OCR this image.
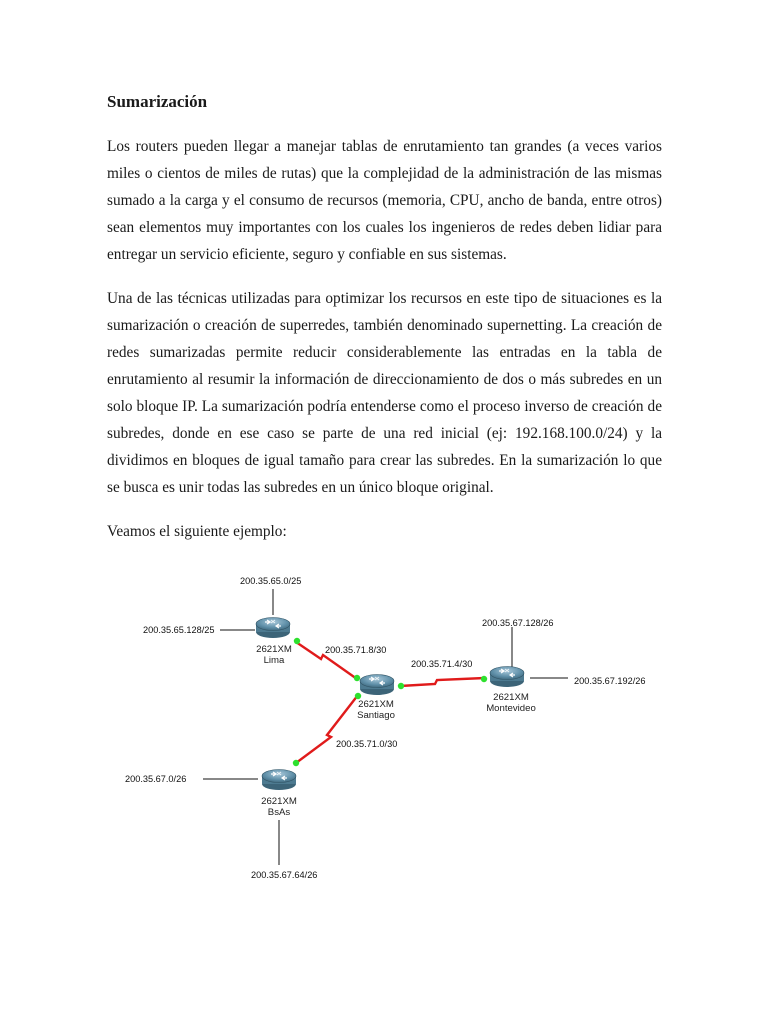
Sumarización

Los routers pueden llegar a manejar tablas de enrutamiento tan grandes (a veces varios miles o cientos de miles de rutas) que la complejidad de la administración de las mismas sumado a la carga y el consumo de recursos (memoria, CPU, ancho de banda, entre otros) sean elementos muy importantes con los cuales los ingenieros de redes deben lidiar para entregar un servicio eficiente, seguro y confiable en sus sistemas.

Una de las técnicas utilizadas para optimizar los recursos en este tipo de situaciones es la sumarización o creación de superredes, también denominado supernetting. La creación de redes sumarizadas permite reducir considerablemente las entradas en la tabla de enrutamiento al resumir la información de direccionamiento de dos o más subredes en un solo bloque IP. La sumarización podría entenderse como el proceso inverso de creación de subredes, donde en ese caso se parte de una red inicial (ej: 192.168.100.0/24) y la dividimos en bloques de igual tamaño para crear las subredes. En la sumarización lo que se busca es unir todas las subredes en un único bloque original.

Veamos el siguiente ejemplo:

2621XM
Lima
2621XM
Santiago
2621XM
Montevideo
2621XM
BsAs
200.35.65.0/25
200.35.65.128/25
200.35.71.8/30
200.35.71.4/30
200.35.67.128/26
200.35.67.192/26
200.35.71.0/30
200.35.67.0/26
200.35.67.64/26
